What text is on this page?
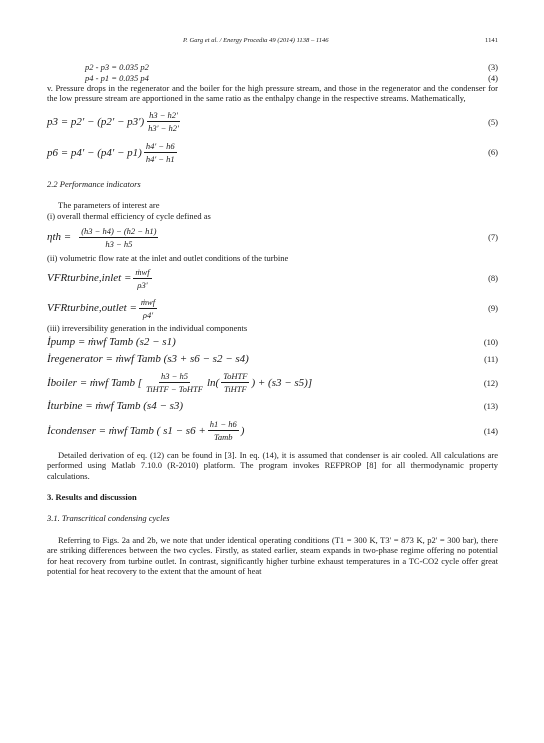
P. Garg et al. / Energy Procedia 49 (2014) 1138 – 1146	1141
p2 - p3 = 0.035 p2	(3)
p4 - p1 = 0.035 p4	(4)

v. Pressure drops in the regenerator and the boiler for the high pressure stream, and those in the regenerator and the condenser for the low pressure stream are apportioned in the same ratio as the enthalpy change in the respective streams. Mathematically,

$p3 = p2' - (p2' - p3') \frac{h3 - h2'}{h3' - h2'}$	(5)
$p6 = p4' - (p4' - p1) \frac{h4' - h6}{h4' - h1}$	(6)

2.2 Performance indicators

The parameters of interest are

(i) overall thermal efficiency of cycle defined as

$\eta th = \frac{(h3 - h4) - (h2 - h1)}{h3 - h5}$	(7)

(ii) volumetric flow rate at the inlet and outlet conditions of the turbine

VFRturbine,inlet = $\frac{\text{ṁwf}}{\rho 3'}$	(8)
VFRturbine,outlet = $\frac{\text{ṁwf}}{\rho 4'}$	(9)

(iii) irreversibility generation in the individual components

İpump = ṁwf Tamb (s2 − s1)	(10)
İregenerator = ṁwf Tamb (s3 + s6 − s2 − s4)	(11)
İboiler = ṁwf Tamb [ $\frac{h3 - h5}{\text{TiHTF − ToHTF}} \ln( \frac{\text{ToHTF}}{\text{TiHTF}}$ ) + (s3 − s5)]	(12)
İturbine = ṁwf Tamb (s4 − s3)	(13)
İcondenser = ṁwf Tamb ( $s1 - s6 + \frac{h1 - h6}{\text{Tamb}}$ )	(14)

Detailed derivation of eq. (12) can be found in [3]. In eq. (14), it is assumed that condenser is air cooled. All calculations are performed using Matlab 7.10.0 (R-2010) platform. The program invokes REFPROP [8] for all thermodynamic property calculations.

3. Results and discussion

3.1. Transcritical condensing cycles

Referring to Figs. 2a and 2b, we note that under identical operating conditions (T1 = 300 K, T3' = 873 K, p2' = 300 bar), there are striking differences between the two cycles. Firstly, as stated earlier, steam expands in two-phase regime offering no potential for heat recovery from turbine outlet. In contrast, significantly higher turbine exhaust temperatures in a TC-CO2 cycle offer great potential for heat recovery to the extent that the amount of heat
